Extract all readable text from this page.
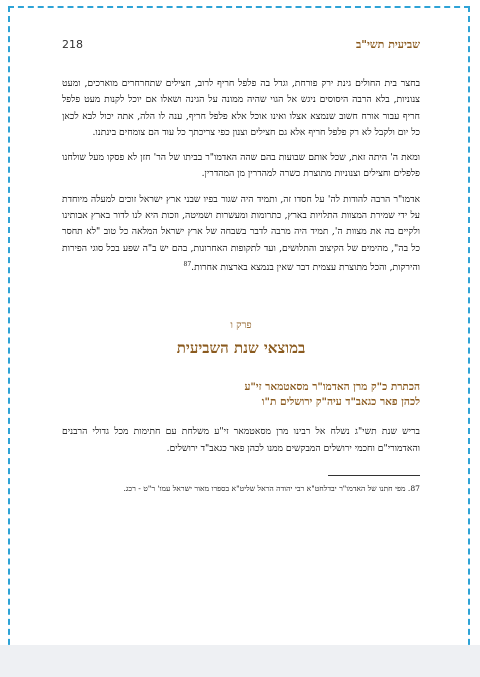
218	שביעית תשי"ב

בחצר בית החולים גינת ירק פורחת, וגדל בה פלפל חריף לרוב, חצילים שתחרחרים מוארכים, ומעט צנוניות, בלא הרבה היסוסים ניגש אל הגוי שהיה ממונה על הגינה ושאלו אם יוכל לקנות מעט פלפל חריף עבור אורח חשוב שנמצא אצלו ואינו אוכל אלא פלפל חריף, ענה לו הלה, אתה יכול לבא לכאן כל יום ולקבל לא רק פלפל חריף אלא גם חצילים וצנון כפי צריכתך כל עוד הם צומחים בינתנו.

ומאת ה' היתה זאת, שכל אותם שבועות בהם שהה האדמו"ר בביתו של הר' חזן לא פסקו מעל שולחנו פלפלים וחצילים וצנוניות מתוצרת כשרה למהדרין מן המהדרין.

אדמו"ר הרבה להודות לה' על חסדו זה, ותמיד היה שגור בפיו שבני ארץ ישראל זוכים למעלה מיוחדת על ידי שמירת המצוות התלויות בארץ, כתרומות ומעשרות ושמיטה, וזכות היא לנו לדור בארץ אבותינו ולקיים בה את מצוות ה', תמיד היה מרבה לדבר בשבחה של ארץ ישראל המלאה כל טוב "לא תחסר כל בה", מהימים של הקיצוב והתלושים, ועד לתקופות האחרונות, בהם יש ב"ה שפע בכל סוגי הפירות והירקות, והכל מתוצרת עצמית דבר שאין בנמצא בארצות אחרות.$^{87}$

פרק ו
במוצאי שנת השביעית
הכתרת כ"ק מרן האדמו"ר מסאטמאר זי"ע
לכהן פאר כגאב"ד עיה"ק ירושלים ת"ו

בריש שנת תשי"ג נשלח אל רבינו מרן מסאטמאר זי"ע משלחת עם חתימות מכל גדולי הרבנים והאדמורי"ם וחכמי ירושלים המבקשים ממנו לכהן פאר כגאב"ד ירושלים.

87. מפי חתנו של האדמו"ר יבדלחט"א רבי יהודה הראל שליט"א בספרו מאור ישראל עמו' ר"ט - רכג.
